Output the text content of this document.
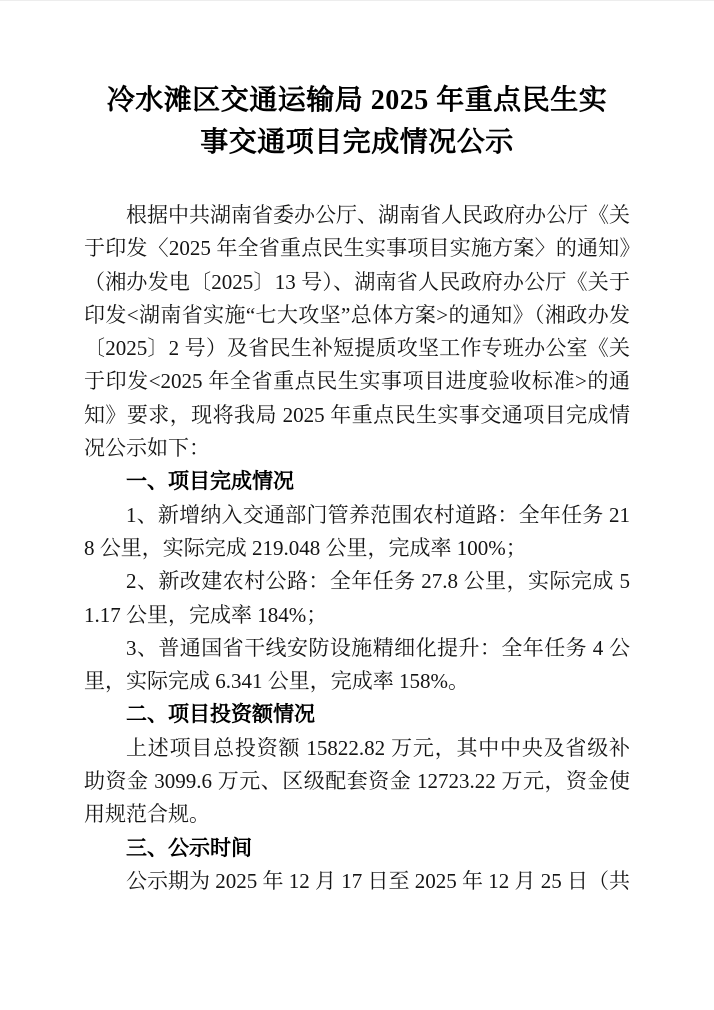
冷水滩区交通运输局 2025 年重点民生实事交通项目完成情况公示

根据中共湖南省委办公厅、湖南省人民政府办公厅《关于印发〈2025 年全省重点民生实事项目实施方案〉的通知》（湘办发电〔2025〕13 号）、湖南省人民政府办公厅《关于印发<湖南省实施“七大攻坚”总体方案>的通知》（湘政办发〔2025〕2 号）及省民生补短提质攻坚工作专班办公室《关于印发<2025 年全省重点民生实事项目进度验收标准>的通知》要求，现将我局 2025 年重点民生实事交通项目完成情况公示如下：

一、项目完成情况

1、新增纳入交通部门管养范围农村道路：全年任务 218 公里，实际完成 219.048 公里，完成率 100%；

2、新改建农村公路：全年任务 27.8 公里，实际完成 51.17 公里，完成率 184%；

3、普通国省干线安防设施精细化提升：全年任务 4 公里，实际完成 6.341 公里，完成率 158%。

二、项目投资额情况

上述项目总投资额 15822.82 万元，其中中央及省级补助资金 3099.6 万元、区级配套资金 12723.22 万元，资金使用规范合规。

三、公示时间

公示期为 2025 年 12 月 17 日至 2025 年 12 月 25 日（共
